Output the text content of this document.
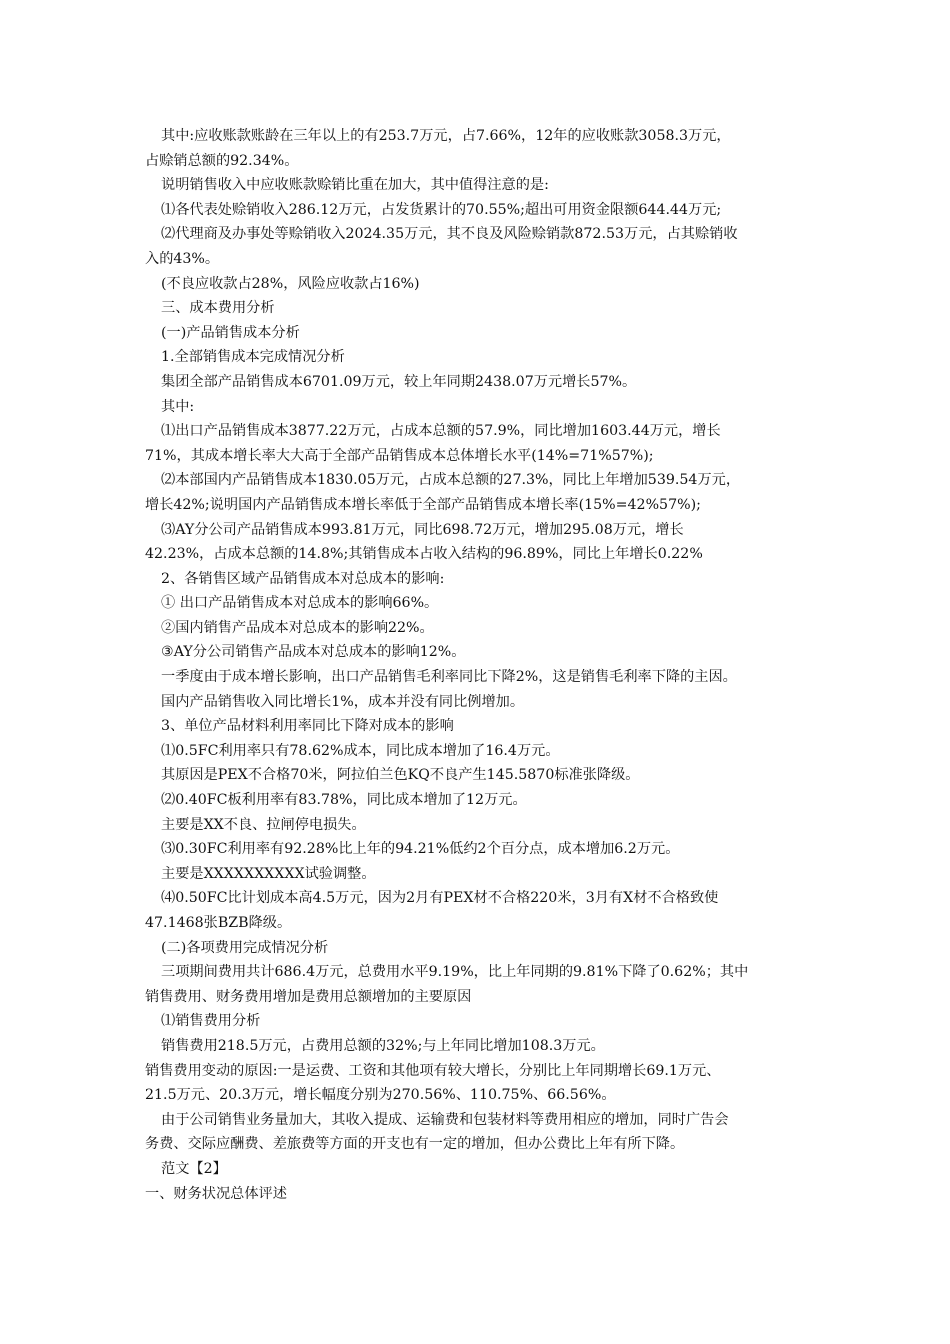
其中:应收账款账龄在三年以上的有253.7万元，占7.66%，12年的应收账款3058.3万元，
占赊销总额的92.34%。
说明销售收入中应收账款赊销比重在加大，其中值得注意的是:
⑴各代表处赊销收入286.12万元，占发货累计的70.55%;超出可用资金限额644.44万元;
⑵代理商及办事处等赊销收入2024.35万元，其不良及风险赊销款872.53万元，占其赊销收
入的43%。
(不良应收款占28%，风险应收款占16%)
三、成本费用分析
(一)产品销售成本分析
1.全部销售成本完成情况分析
集团全部产品销售成本6701.09万元，较上年同期2438.07万元增长57%。
其中:
⑴出口产品销售成本3877.22万元，占成本总额的57.9%，同比增加1603.44万元，增长
71%，其成本增长率大大高于全部产品销售成本总体增长水平(14%=71%57%);
⑵本部国内产品销售成本1830.05万元，占成本总额的27.3%，同比上年增加539.54万元，
增长42%;说明国内产品销售成本增长率低于全部产品销售成本增长率(15%=42%57%);
⑶AY分公司产品销售成本993.81万元，同比698.72万元，增加295.08万元，增长
42.23%，占成本总额的14.8%;其销售成本占收入结构的96.89%，同比上年增长0.22%
2、各销售区域产品销售成本对总成本的影响:
① 出口产品销售成本对总成本的影响66%。
②国内销售产品成本对总成本的影响22%。
③AY分公司销售产品成本对总成本的影响12%。
一季度由于成本增长影响，出口产品销售毛利率同比下降2%，这是销售毛利率下降的主因。
国内产品销售收入同比增长1%，成本并没有同比例增加。
3、单位产品材料利用率同比下降对成本的影响
⑴0.5FC利用率只有78.62%成本，同比成本增加了16.4万元。
其原因是PEX不合格70米，阿拉伯兰色KQ不良产生145.5870标准张降级。
⑵0.40FC板利用率有83.78%，同比成本增加了12万元。
主要是XX不良、拉闸停电损失。
⑶0.30FC利用率有92.28%比上年的94.21%低约2个百分点，成本增加6.2万元。
主要是XXXXXXXXXX试验调整。
⑷0.50FC比计划成本高4.5万元，因为2月有PEX材不合格220米，3月有X材不合格致使
47.1468张BZB降级。
(二)各项费用完成情况分析
三项期间费用共计686.4万元，总费用水平9.19%，比上年同期的9.81%下降了0.62%；其中
销售费用、财务费用增加是费用总额增加的主要原因
⑴销售费用分析
销售费用218.5万元，占费用总额的32%;与上年同比增加108.3万元。
销售费用变动的原因:一是运费、工资和其他项有较大增长，分别比上年同期增长69.1万元、
21.5万元、20.3万元，增长幅度分别为270.56%、110.75%、66.56%。
由于公司销售业务量加大，其收入提成、运输费和包装材料等费用相应的增加，同时广告会
务费、交际应酬费、差旅费等方面的开支也有一定的增加，但办公费比上年有所下降。
范文【2】
一、财务状况总体评述
